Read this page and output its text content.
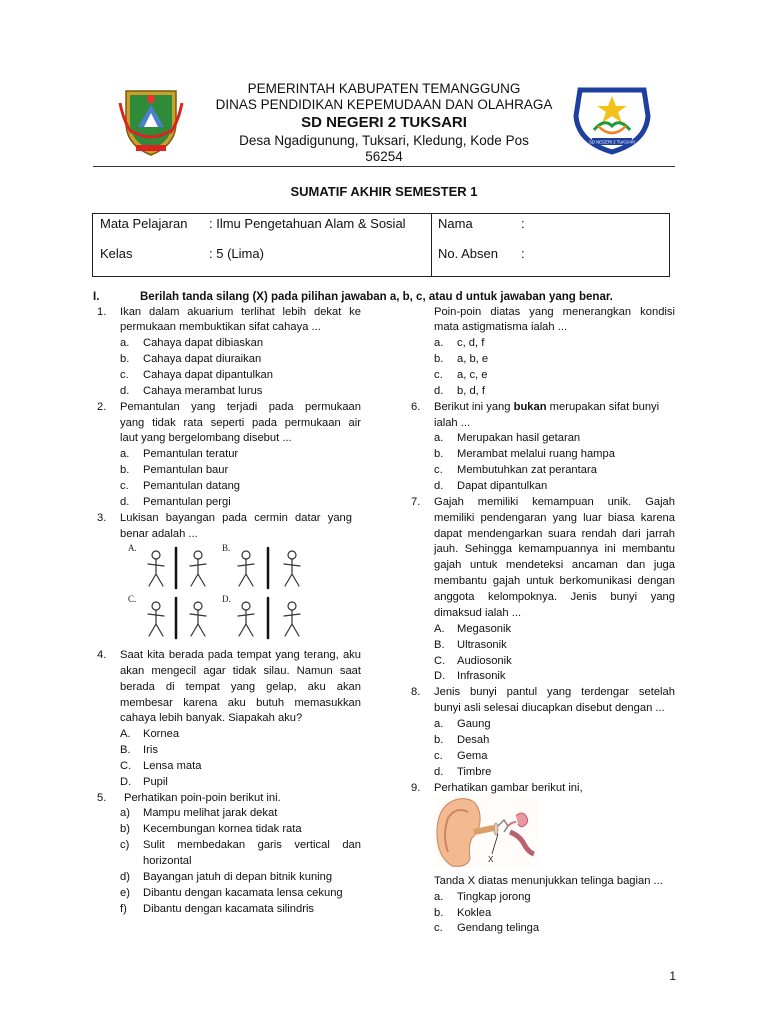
SD NEGERI 2 TUKSARI
PEMERINTAH KABUPATEN TEMANGGUNG
DINAS PENDIDIKAN KEPEMUDAAN DAN OLAHRAGA
SD NEGERI 2 TUKSARI
Desa Ngadigunung, Tuksari, Kledung, Kode Pos
56254
SUMATIF AKHIR SEMESTER 1
Mata Pelajaran : Ilmu Pengetahuan Alam & Sosial
Kelas	: 5 (Lima)
Nama	:
No. Absen :
I.	Berilah tanda silang (X) pada pilihan jawaban a, b, c, atau d untuk jawaban yang benar.
1. Ikan dalam akuarium terlihat lebih dekat ke
permukaan membuktikan sifat cahaya ...
a. Cahaya dapat dibiaskan
b. Cahaya dapat diuraikan
c. Cahaya dapat dipantulkan
d. Cahaya merambat lurus
2. Pemantulan yang terjadi pada permukaan
yang tidak rata seperti pada permukaan air
laut yang bergelombang disebut ...
a. Pemantulan teratur
b. Pemantulan baur
c. Pemantulan datang
d. Pemantulan pergi
3. Lukisan bayangan pada cermin datar yang
benar adalah ...
A.	B.
C.	D.
4. Saat kita berada pada tempat yang terang, aku
akan mengecil agar tidak silau. Namun saat
berada di tempat yang gelap, aku akan
membesar karena aku butuh memasukkan
cahaya lebih banyak. Siapakah aku?
A. Kornea
B. Iris
C. Lensa mata
D. Pupil
5. Perhatikan poin-poin berikut ini.
a) Mampu melihat jarak dekat
b) Kecembungan kornea tidak rata
c) Sulit membedakan garis vertical dan
horizontal
d) Bayangan jatuh di depan bitnik kuning
e) Dibantu dengan kacamata lensa cekung
f) Dibantu dengan kacamata silindris
Poin-poin diatas yang menerangkan kondisi
mata astigmatisma ialah ...
a. c, d, f
b. a, b, e
c. a, c, e
d. b, d, f
6. Berikut ini yang bukan merupakan sifat bunyi
ialah ...
a. Merupakan hasil getaran
b. Merambat melalui ruang hampa
c. Membutuhkan zat perantara
d. Dapat dipantulkan
7. Gajah memiliki kemampuan unik. Gajah
memiliki pendengaran yang luar biasa karena
dapat mendengarkan suara rendah dari jarrah
jauh. Sehingga kemampuannya ini membantu
gajah untuk mendeteksi ancaman dan juga
membantu gajah untuk berkomunikasi dengan
anggota kelompoknya. Jenis bunyi yang
dimaksud ialah ...
A. Megasonik
B. Ultrasonik
C. Audiosonik
D. Infrasonik
8. Jenis bunyi pantul yang terdengar setelah
bunyi asli selesai diucapkan disebut dengan ...
a. Gaung
b. Desah
c. Gema
d. Timbre
9. Perhatikan gambar berikut ini,
X
Tanda X diatas menunjukkan telinga bagian ...
a. Tingkap jorong
b. Koklea
c. Gendang telinga
1
